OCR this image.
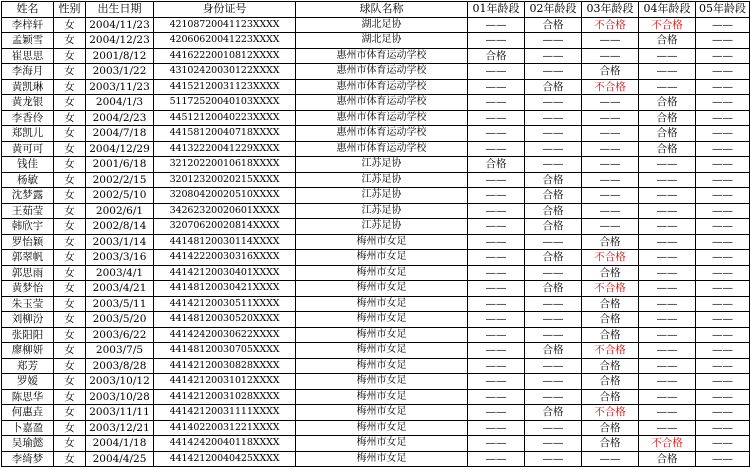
姓名	性别	出生日期	身份证号	球队名称	01年龄段	02年龄段	03年龄段	04年龄段	05年龄段
李梓轩	女	2004/11/23	42108720041123XXXX	湖北足协	——	合格	不合格	不合格	——
孟颖雪	女	2004/12/23	42060620041223XXXX	湖北足协	——	——	——	合格	——
崔思思	女	2001/8/12	44162220010812XXXX	惠州市体育运动学校	合格	——	——	——	——
李海月	女	2003/1/22	43102420030122XXXX	惠州市体育运动学校	——	——	合格	——	——
黄凯琳	女	2003/11/23	44152120031123XXXX	惠州市体育运动学校	——	合格	不合格	——	——
黄龙银	女	2004/1/3	51172520040103XXXX	惠州市体育运动学校	——	——	——	合格	——
李香伶	女	2004/2/23	44512120040223XXXX	惠州市体育运动学校	——	——	——	合格	——
郑凯儿	女	2004/7/18	44158120040718XXXX	惠州市体育运动学校	——	——	——	合格	——
黄可可	女	2004/12/29	44132220041229XXXX	惠州市体育运动学校	——	——	——	合格	——
钱佳	女	2001/6/18	32120220010618XXXX	江苏足协	合格	——	——	——	——
杨敏	女	2002/2/15	32012320020215XXXX	江苏足协	——	合格	——	——	——
沈梦露	女	2002/5/10	32080420020510XXXX	江苏足协	——	合格	——	——	——
王茹莹	女	2002/6/1	34262320020601XXXX	江苏足协	——	合格	——	——	——
韩欣宇	女	2002/8/14	32070620020814XXXX	江苏足协	——	合格	——	——	——
罗怡颖	女	2003/1/14	44148120030114XXXX	梅州市女足	——	——	合格	——	——
郭翠帆	女	2003/3/16	44142220030316XXXX	梅州市女足	——	合格	不合格	——	——
郭思雨	女	2003/4/1	44142120030401XXXX	梅州市女足	——	——	合格	——	——
黄梦怡	女	2003/4/21	44148120030421XXXX	梅州市女足	——	合格	不合格	——	——
朱玉莹	女	2003/5/11	44142120030511XXXX	梅州市女足	——	——	合格	——	——
刘柳汾	女	2003/5/20	44148120030520XXXX	梅州市女足	——	——	合格	——	——
张阳阳	女	2003/6/22	44142420030622XXXX	梅州市女足	——	——	合格	——	——
廖柳妍	女	2003/7/5	44148120030705XXXX	梅州市女足	——	合格	不合格	——	——
郑芳	女	2003/8/28	44142120030828XXXX	梅州市女足	——	——	合格	——	——
罗嫒	女	2003/10/12	44142120031012XXXX	梅州市女足	——	——	合格	——	——
陈思华	女	2003/10/28	44142120031028XXXX	梅州市女足	——	——	合格	——	——
何惠垚	女	2003/11/11	44142120031111XXXX	梅州市女足	——	合格	不合格	——	——
卜嘉盈	女	2003/12/21	44140220031221XXXX	梅州市女足	——	——	合格	——	——
吴瑜懿	女	2004/1/18	44142420040118XXXX	梅州市女足	——	——	合格	不合格	——
李绮梦	女	2004/4/25	44142120040425XXXX	梅州市女足	——	——	——	合格	——
